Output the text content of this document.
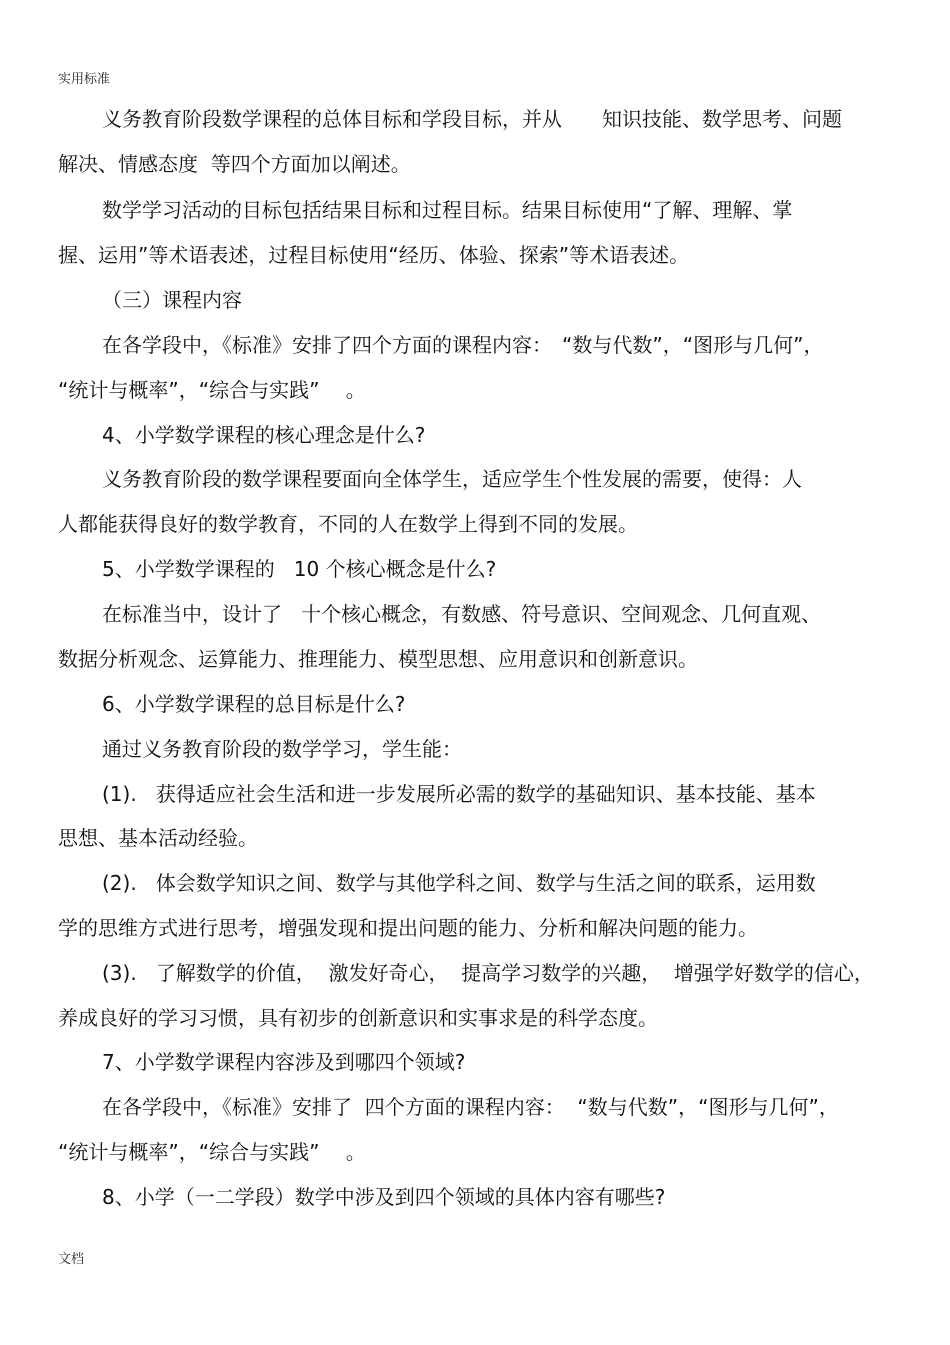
实用标准
义务教育阶段数学课程的总体目标和学段目标，并从　　知识技能、数学思考、问题
解决、情感态度  等四个方面加以阐述。
数学学习活动的目标包括结果目标和过程目标。结果目标使用“了解、理解、掌
握、运用”等术语表述，过程目标使用“经历、体验、探索”等术语表述。
（三）课程内容
在各学段中，《标准》安排了四个方面的课程内容：　“数与代数”，“图形与几何”，
“统计与概率”，“综合与实践”　 。
4、小学数学课程的核心理念是什么?
义务教育阶段的数学课程要面向全体学生，适应学生个性发展的需要，使得：人
人都能获得良好的数学教育，不同的人在数学上得到不同的发展。
5、小学数学课程的   10 个核心概念是什么?
在标准当中，设计了   十个核心概念，有数感、符号意识、空间观念、几何直观、
数据分析观念、运算能力、推理能力、模型思想、应用意识和创新意识。
6、小学数学课程的总目标是什么?
通过义务教育阶段的数学学习，学生能：
(1).   获得适应社会生活和进一步发展所必需的数学的基础知识、基本技能、基本
思想、基本活动经验。
(2).   体会数学知识之间、数学与其他学科之间、数学与生活之间的联系，运用数
学的思维方式进行思考，增强发现和提出问题的能力、分析和解决问题的能力。
(3).   了解数学的价值，  激发好奇心，  提高学习数学的兴趣，  增强学好数学的信心，
养成良好的学习习惯，具有初步的创新意识和实事求是的科学态度。
7、小学数学课程内容涉及到哪四个领域?
在各学段中，《标准》安排了  四个方面的课程内容：  “数与代数”，“图形与几何”，
“统计与概率”，“综合与实践”　 。
8、小学（一二学段）数学中涉及到四个领域的具体内容有哪些?
文档
